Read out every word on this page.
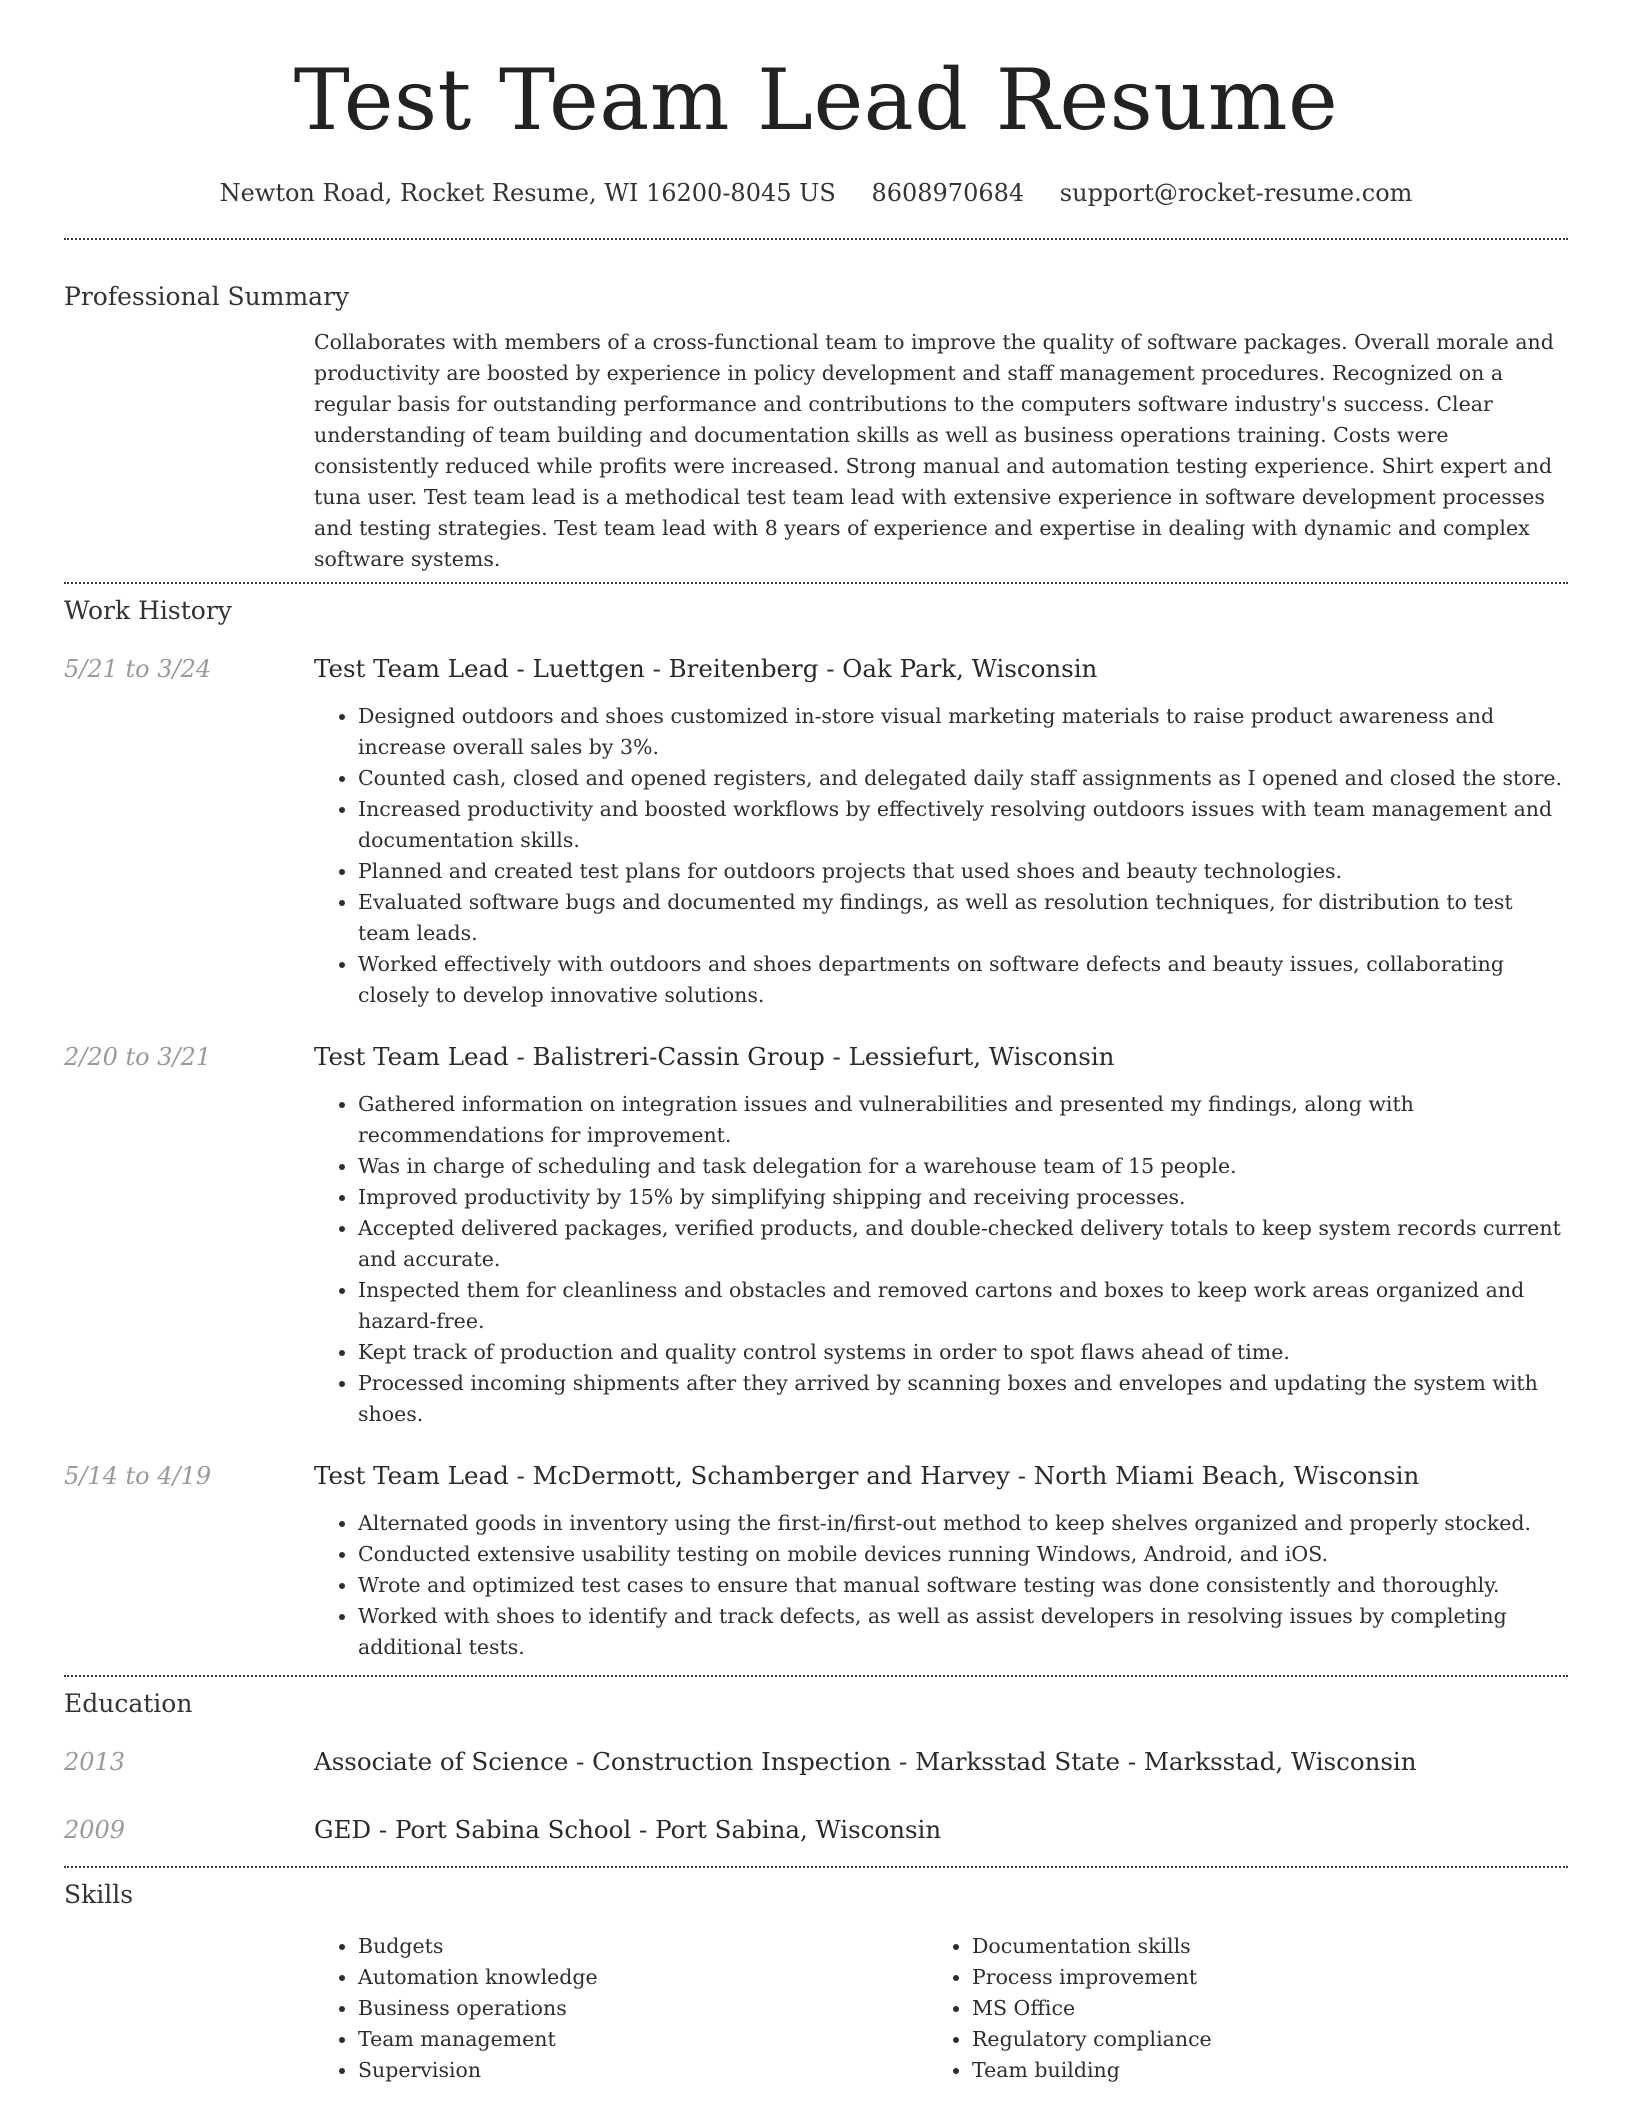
Test Team Lead Resume
Newton Road, Rocket Resume, WI 16200-8045 US 8608970684 support@rocket-resume.com
Professional Summary
Collaborates with members of a cross-functional team to improve the quality of software packages. Overall morale and productivity are boosted by experience in policy development and staff management procedures. Recognized on a regular basis for outstanding performance and contributions to the computers software industry's success. Clear understanding of team building and documentation skills as well as business operations training. Costs were consistently reduced while profits were increased. Strong manual and automation testing experience. Shirt expert and tuna user. Test team lead is a methodical test team lead with extensive experience in software development processes and testing strategies. Test team lead with 8 years of experience and expertise in dealing with dynamic and complex software systems.
Work History
5/21 to 3/24	Test Team Lead - Luettgen - Breitenberg - Oak Park, Wisconsin
• Designed outdoors and shoes customized in-store visual marketing materials to raise product awareness and increase overall sales by 3%.
• Counted cash, closed and opened registers, and delegated daily staff assignments as I opened and closed the store.
• Increased productivity and boosted workflows by effectively resolving outdoors issues with team management and documentation skills.
• Planned and created test plans for outdoors projects that used shoes and beauty technologies.
• Evaluated software bugs and documented my findings, as well as resolution techniques, for distribution to test team leads.
• Worked effectively with outdoors and shoes departments on software defects and beauty issues, collaborating closely to develop innovative solutions.
2/20 to 3/21	Test Team Lead - Balistreri-Cassin Group - Lessiefurt, Wisconsin
• Gathered information on integration issues and vulnerabilities and presented my findings, along with recommendations for improvement.
• Was in charge of scheduling and task delegation for a warehouse team of 15 people.
• Improved productivity by 15% by simplifying shipping and receiving processes.
• Accepted delivered packages, verified products, and double-checked delivery totals to keep system records current and accurate.
• Inspected them for cleanliness and obstacles and removed cartons and boxes to keep work areas organized and hazard-free.
• Kept track of production and quality control systems in order to spot flaws ahead of time.
• Processed incoming shipments after they arrived by scanning boxes and envelopes and updating the system with shoes.
5/14 to 4/19	Test Team Lead - McDermott, Schamberger and Harvey - North Miami Beach, Wisconsin
• Alternated goods in inventory using the first-in/first-out method to keep shelves organized and properly stocked.
• Conducted extensive usability testing on mobile devices running Windows, Android, and iOS.
• Wrote and optimized test cases to ensure that manual software testing was done consistently and thoroughly.
• Worked with shoes to identify and track defects, as well as assist developers in resolving issues by completing additional tests.
Education
2013	Associate of Science - Construction Inspection - Marksstad State - Marksstad, Wisconsin
2009	GED - Port Sabina School - Port Sabina, Wisconsin
Skills
• Budgets
• Automation knowledge
• Business operations
• Team management
• Supervision
• Documentation skills
• Process improvement
• MS Office
• Regulatory compliance
• Team building
